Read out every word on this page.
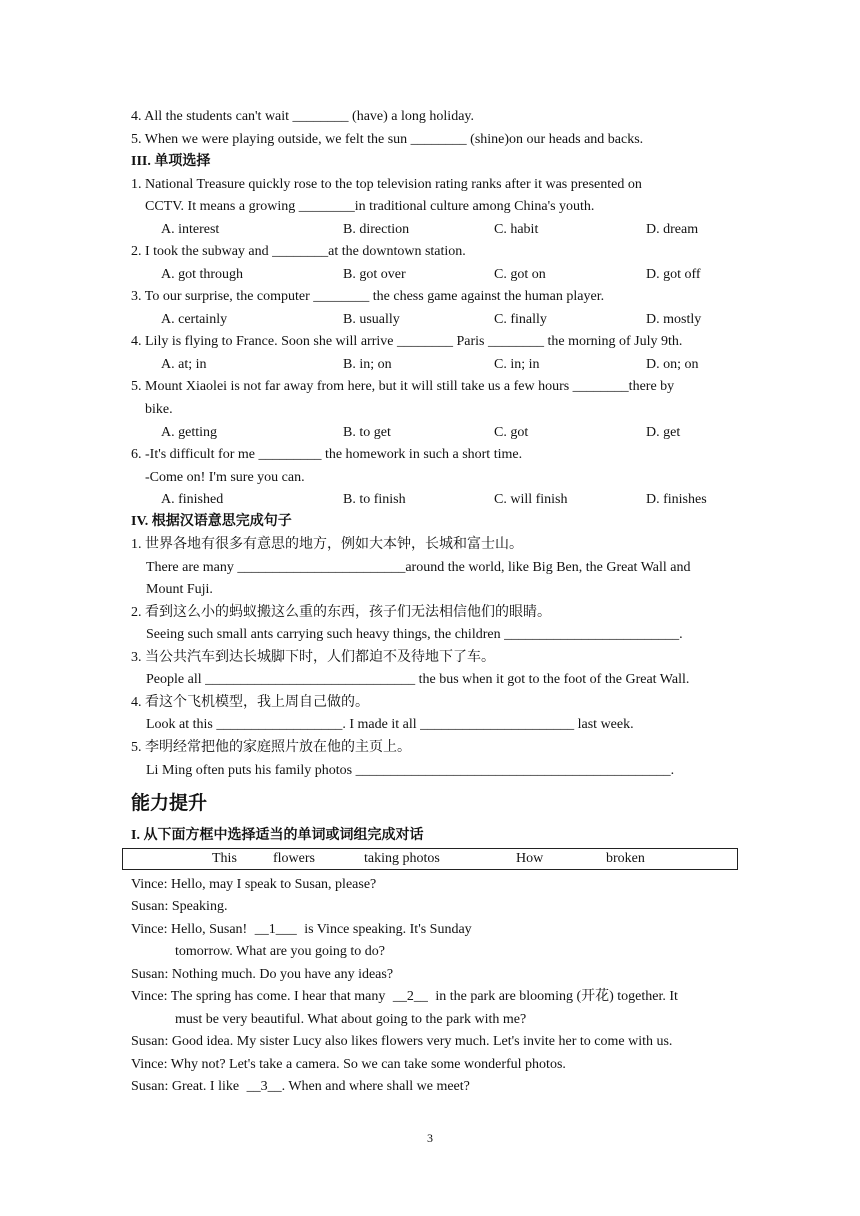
4. All the students can't wait ________ (have) a long holiday.
5. When we were playing outside, we felt the sun ________ (shine)on our heads and backs.
III. 单项选择
1. National Treasure quickly rose to the top television rating ranks after it was presented on
CCTV. It means a growing ________in traditional culture among China's youth.
A. interest	B. direction	C. habit	D. dream
2. I took the subway and ________at the downtown station.
A. got through	B. got over	C. got on	D. got off
3. To our surprise, the computer ________ the chess game against the human player.
A. certainly	B. usually	C. finally	D. mostly
4. Lily is flying to France. Soon she will arrive ________ Paris ________ the morning of July 9th.
A. at; in	B. in; on	C. in; in	D. on; on
5. Mount Xiaolei is not far away from here, but it will still take us a few hours ________there by
bike.
A. getting	B. to get	C. got	D. get
6. -It's difficult for me _________ the homework in such a short time.
-Come on! I'm sure you can.
A. finished	B. to finish	C. will finish	D. finishes
IV. 根据汉语意思完成句子
1. 世界各地有很多有意思的地方，例如大本钟，长城和富士山。
There are many ________________________around the world, like Big Ben, the Great Wall and
Mount Fuji.
2. 看到这么小的蚂蚁搬这么重的东西，孩子们无法相信他们的眼睛。
Seeing such small ants carrying such heavy things, the children _________________________.
3. 当公共汽车到达长城脚下时，人们都迫不及待地下了车。
People all ______________________________ the bus when it got to the foot of the Great Wall.
4. 看这个飞机模型，我上周自己做的。
Look at this __________________. I made it all ______________________ last week.
5. 李明经常把他的家庭照片放在他的主页上。
Li Ming often puts his family photos _____________________________________________.
能力提升
I. 从下面方框中选择适当的单词或词组完成对话
This	flowers	taking photos	How	broken
Vince: Hello, may I speak to Susan, please?
Susan: Speaking.
Vince: Hello, Susan! __1___ is Vince speaking. It's Sunday
tomorrow. What are you going to do?
Susan: Nothing much. Do you have any ideas?
Vince: The spring has come. I hear that many __2__ in the park are blooming (开花) together. It
must be very beautiful. What about going to the park with me?
Susan: Good idea. My sister Lucy also likes flowers very much. Let's invite her to come with us.
Vince: Why not? Let's take a camera. So we can take some wonderful photos.
Susan: Great. I like __3__. When and where shall we meet?
3
